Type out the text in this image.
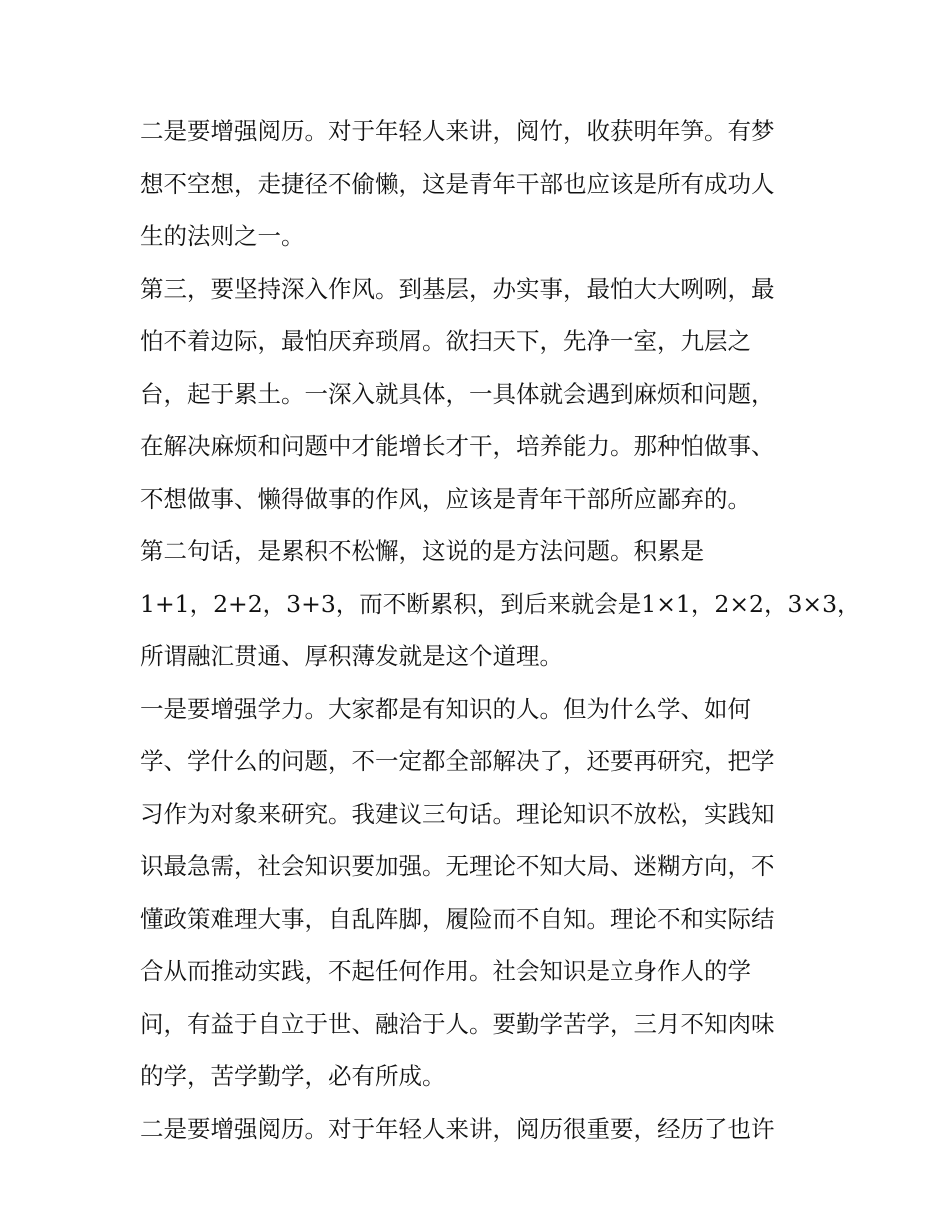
二是要增强阅历。对于年轻人来讲，阅竹，收获明年笋。有梦
想不空想，走捷径不偷懒，这是青年干部也应该是所有成功人
生的法则之一。

第三，要坚持深入作风。到基层，办实事，最怕大大咧咧，最
怕不着边际，最怕厌弃琐屑。欲扫天下，先净一室，九层之
台，起于累土。一深入就具体，一具体就会遇到麻烦和问题，
在解决麻烦和问题中才能增长才干，培养能力。那种怕做事、
不想做事、懒得做事的作风，应该是青年干部所应鄙弃的。

第二句话，是累积不松懈，这说的是方法问题。积累是
1+1，2+2，3+3，而不断累积，到后来就会是1×1，2×2，3×3，
所谓融汇贯通、厚积薄发就是这个道理。

一是要增强学力。大家都是有知识的人。但为什么学、如何
学、学什么的问题，不一定都全部解决了，还要再研究，把学
习作为对象来研究。我建议三句话。理论知识不放松，实践知
识最急需，社会知识要加强。无理论不知大局、迷糊方向，不
懂政策难理大事，自乱阵脚，履险而不自知。理论不和实际结
合从而推动实践，不起任何作用。社会知识是立身作人的学
问，有益于自立于世、融洽于人。要勤学苦学，三月不知肉味
的学，苦学勤学，必有所成。

二是要增强阅历。对于年轻人来讲，阅历很重要，经历了也许
